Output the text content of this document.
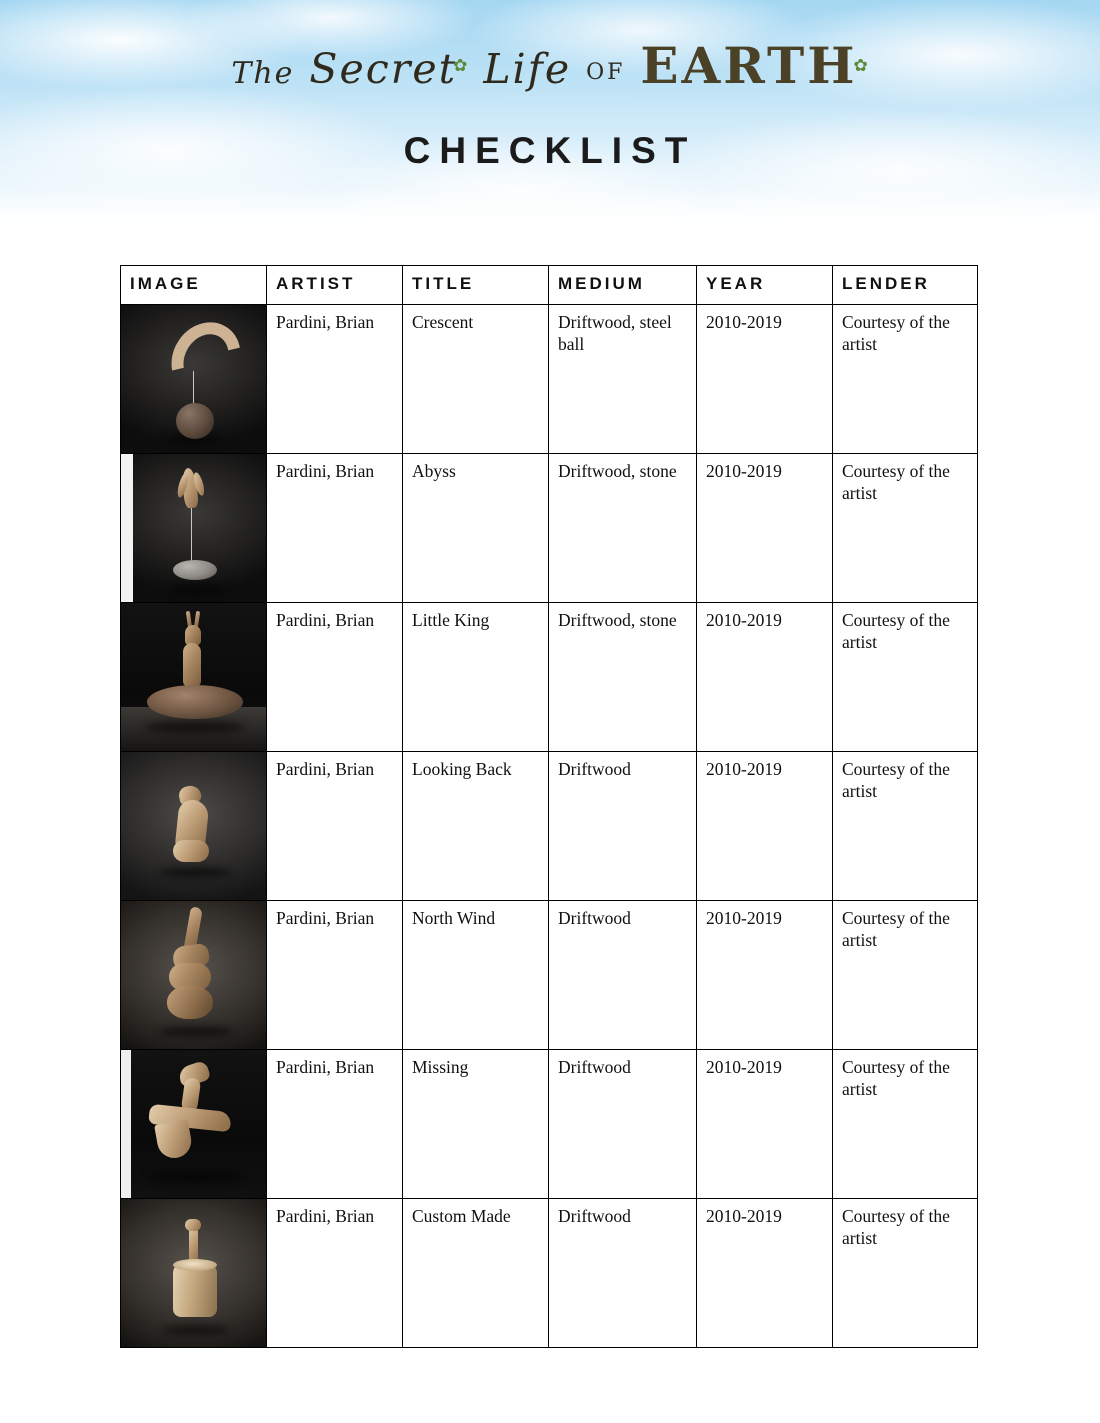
The Secret✿ Life OF EARTH✿
CHECKLIST
IMAGE	ARTIST	TITLE	MEDIUM	YEAR	LENDER

	Pardini, Brian	Crescent	Driftwood, steel ball	2010-2019	Courtesy of the artist

	Pardini, Brian	Abyss	Driftwood, stone	2010-2019	Courtesy of the artist

	Pardini, Brian	Little King	Driftwood, stone	2010-2019	Courtesy of the artist

	Pardini, Brian	Looking Back	Driftwood	2010-2019	Courtesy of the artist

	Pardini, Brian	North Wind	Driftwood	2010-2019	Courtesy of the artist

	Pardini, Brian	Missing	Driftwood	2010-2019	Courtesy of the artist

	Pardini, Brian	Custom Made	Driftwood	2010-2019	Courtesy of the artist
